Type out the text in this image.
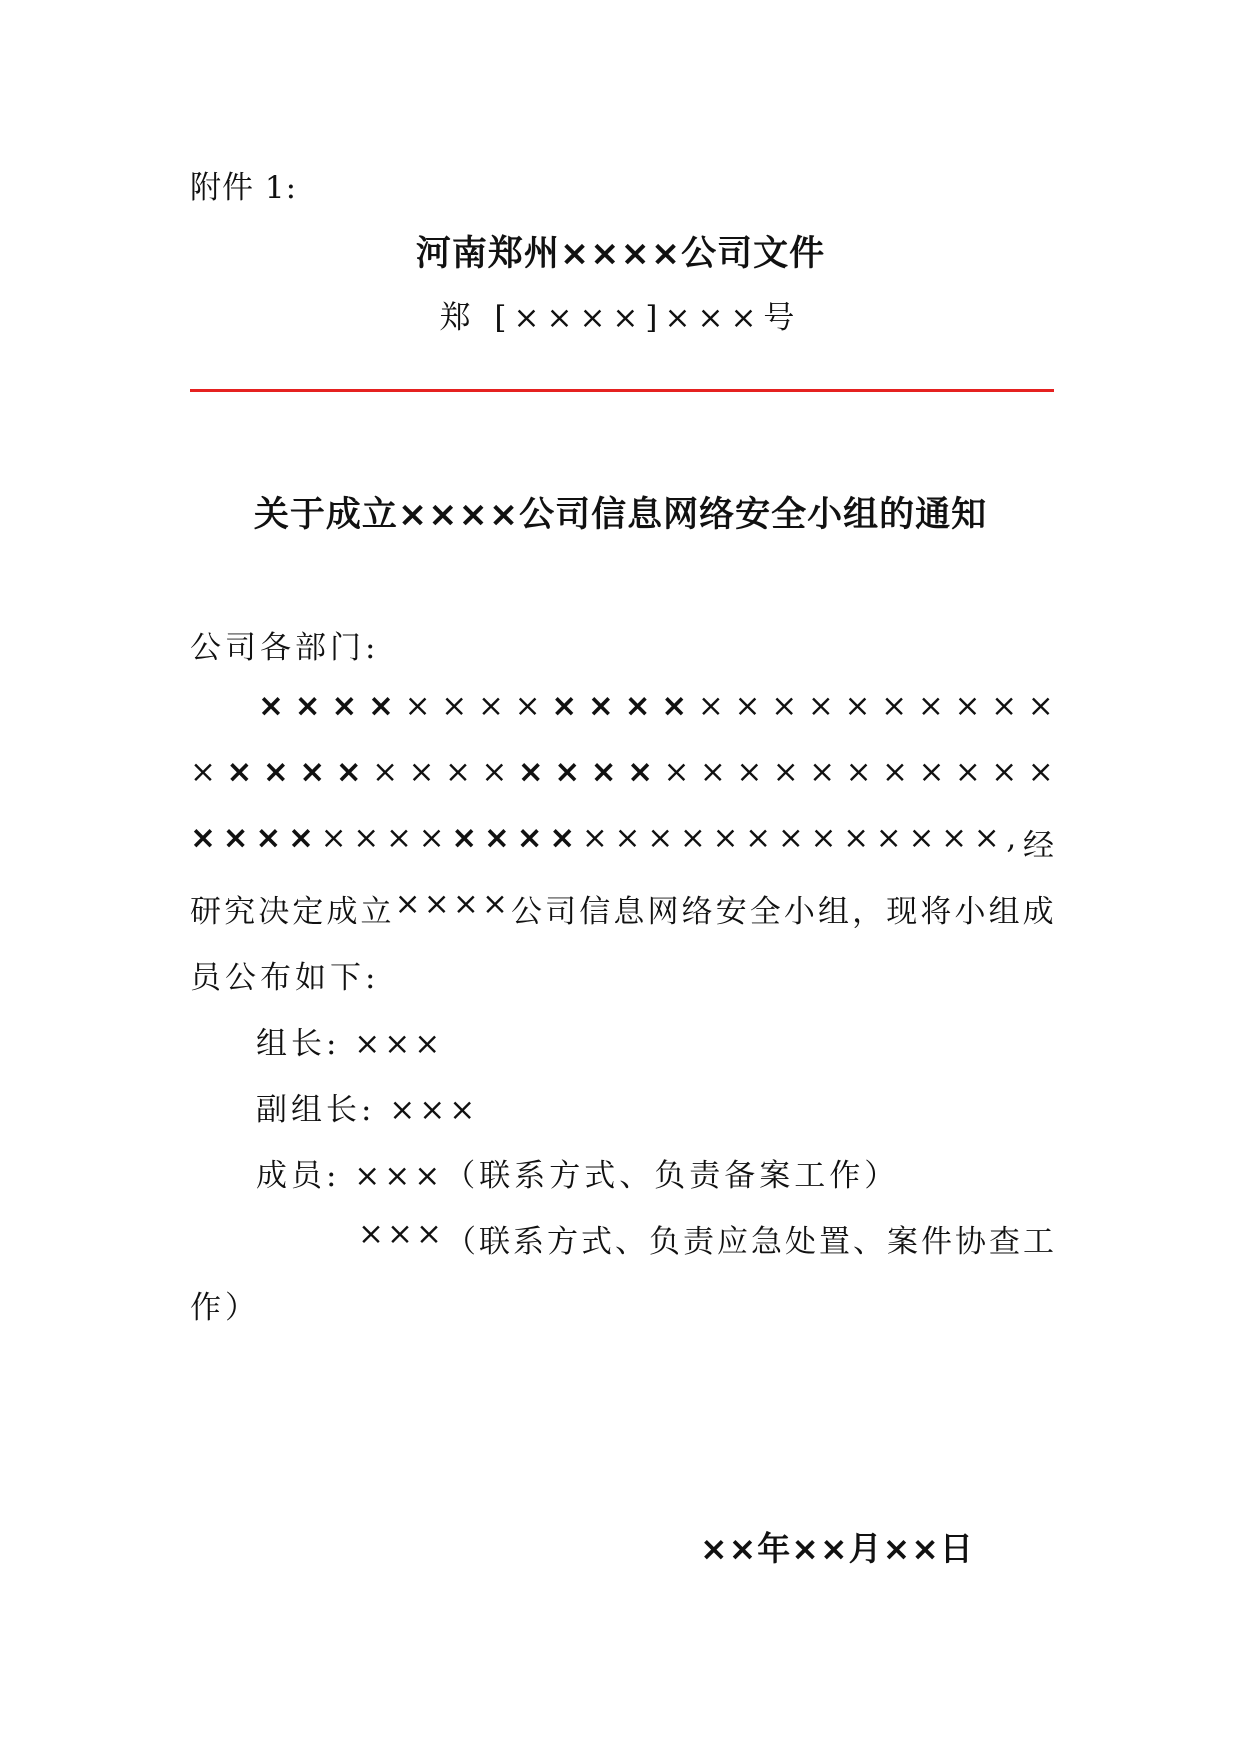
附件 1:
河南郑州××××公司文件
郑 [××××]×××号
关于成立××××公司信息网络安全小组的通知
公司各部门:
× × × × × × × × × × × × × × × × × × × × × ×
× × × × × × × × × × × × × × × × × × × × × × × ×
× × × × × × × × × × × × × × × × × × × × × × × × × , 经
研 究 决 定 成 立 × × × × 公 司 信 息 网 络 安 全 小 组 ， 现 将 小 组 成
员公布如下:
组长: ×××
副组长: ×××
成员: ×××（联系方式、负责备案工作）
× × × （ 联 系 方 式 、 负 责 应 急 处 置 、 案 件 协 查 工
作）
××年××月××日
